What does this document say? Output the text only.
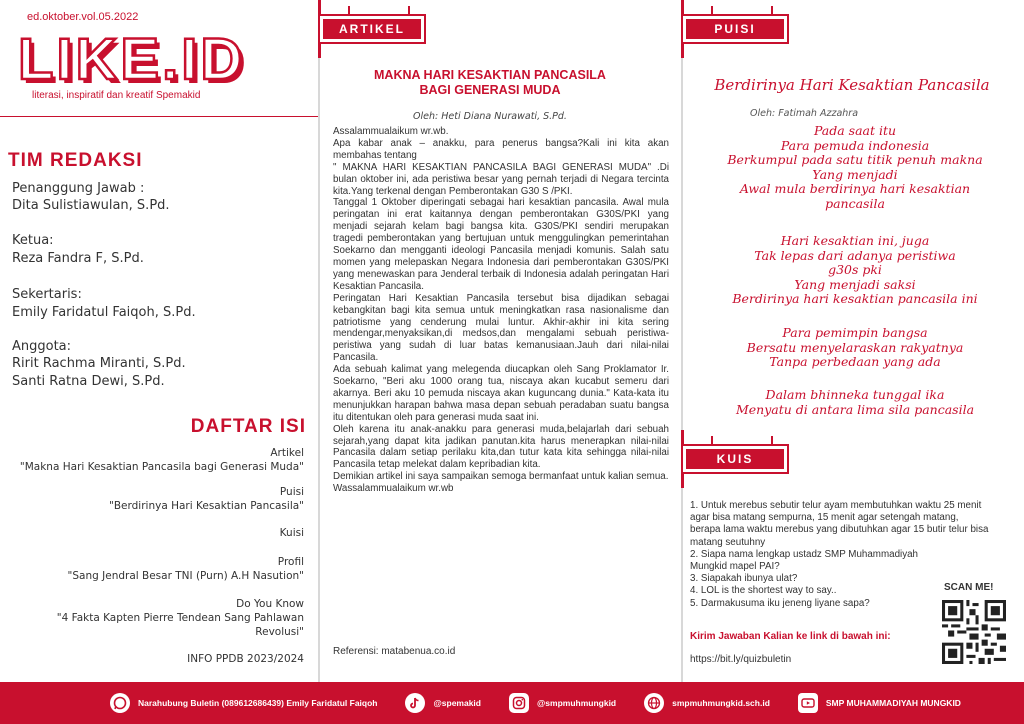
ed.oktober.vol.05.2022
LIKE.ID
literasi, inspiratif dan kreatif Spemakid
TIM REDAKSI
Penanggung Jawab :
Dita Sulistiawulan, S.Pd.
Ketua:
Reza Fandra F, S.Pd.
Sekertaris:
Emily Faridatul Faiqoh, S.Pd.
Anggota:
Ririt Rachma Miranti, S.Pd.
Santi Ratna Dewi, S.Pd.
DAFTAR ISI
Artikel
"Makna Hari Kesaktian Pancasila bagi Generasi Muda"
Puisi
"Berdirinya Hari Kesaktian Pancasila"
Kuisi
Profil
"Sang Jendral Besar TNI (Purn) A.H Nasution"
Do You Know
"4 Fakta Kapten Pierre Tendean Sang Pahlawan
Revolusi"
INFO PPDB 2023/2024
ARTIKEL
MAKNA HARI KESAKTIAN PANCASILA
BAGI GENERASI MUDA
Oleh: Heti Diana Nurawati, S.Pd.

Assalammualaikum wr.wb.

Apa kabar anak – anakku, para penerus bangsa?Kali ini kita akan membahas tentang

" MAKNA HARI KESAKTIAN PANCASILA BAGI GENERASI MUDA" .Di bulan oktober ini, ada peristiwa besar yang pernah terjadi di Negara tercinta kita.Yang terkenal dengan Pemberontakan G30 S /PKI.

Tanggal 1 Oktober diperingati sebagai hari kesaktian pancasila. Awal mula peringatan ini erat kaitannya dengan pemberontakan G30S/PKI yang menjadi sejarah kelam bagi bangsa kita. G30S/PKI sendiri merupakan tragedi pemberontakan yang bertujuan untuk menggulingkan pemerintahan Soekarno dan mengganti ideologi Pancasila menjadi komunis. Salah satu momen yang melepaskan Negara Indonesia dari pemberontakan G30S/PKI yang menewaskan para Jenderal terbaik di Indonesia adalah peringatan Hari Kesaktian Pancasila.

Peringatan Hari Kesaktian Pancasila tersebut bisa dijadikan sebagai kebangkitan bagi kita semua untuk meningkatkan rasa nasionalisme dan patriotisme yang cenderung mulai luntur. Akhir-akhir ini kita sering mendengar,menyaksikan,di medsos,dan mengalami sebuah peristiwa-peristiwa yang sudah di luar batas kemanusiaan.Jauh dari nilai-nilai Pancasila.

Ada sebuah kalimat yang melegenda diucapkan oleh Sang Proklamator Ir. Soekarno, "Beri aku 1000 orang tua, niscaya akan kucabut semeru dari akarnya. Beri aku 10 pemuda niscaya akan kuguncang dunia." Kata-kata itu menunjukkan harapan bahwa masa depan sebuah peradaban suatu bangsa itu ditentukan oleh para generasi muda saat ini.

Oleh karena itu anak-anakku para generasi muda,belajarlah dari sebuah sejarah,yang dapat kita jadikan panutan.kita harus menerapkan nilai-nilai Pancasila dalam setiap perilaku kita,dan tutur kata kita sehingga nilai-nilai Pancasila tetap melekat dalam kepribadian kita.

Demikian artikel ini saya sampaikan semoga bermanfaat untuk kalian semua.

Wassalammualaikum wr.wb

Referensi: matabenua.co.id
PUISI
Berdirinya Hari Kesaktian Pancasila
Oleh: Fatimah Azzahra
Pada saat itu
Para pemuda indonesia
Berkumpul pada satu titik penuh makna
Yang menjadi
Awal mula berdirinya hari kesaktian
pancasila
Hari kesaktian ini, juga
Tak lepas dari adanya peristiwa
g30s pki
Yang menjadi saksi
Berdirinya hari kesaktian pancasila ini
Para pemimpin bangsa
Bersatu menyelaraskan rakyatnya
Tanpa perbedaan yang ada
Dalam bhinneka tunggal ika
Menyatu di antara lima sila pancasila
KUIS
1. Untuk merebus sebutir telur ayam membutuhkan waktu 25 menit agar bisa matang sempurna, 15 menit agar setengah matang, berapa lama waktu merebus yang dibutuhkan agar 15 butir telur bisa matang seutuhny
2. Siapa nama lengkap ustadz SMP Muhammadiyah Mungkid mapel PAI?
3. Siapakah ibunya ulat?
4. LOL is the shortest way to say..
5. Darmakusuma iku jeneng liyane sapa?
Kirim Jawaban Kalian ke link di bawah ini:
https://bit.ly/quizbuletin
SCAN ME!
Narahubung Buletin (089612686439) Emily Faridatul Faiqoh	@spemakid	@smpmuhmungkid	smpmuhmungkid.sch.id	SMP MUHAMMADIYAH MUNGKID
